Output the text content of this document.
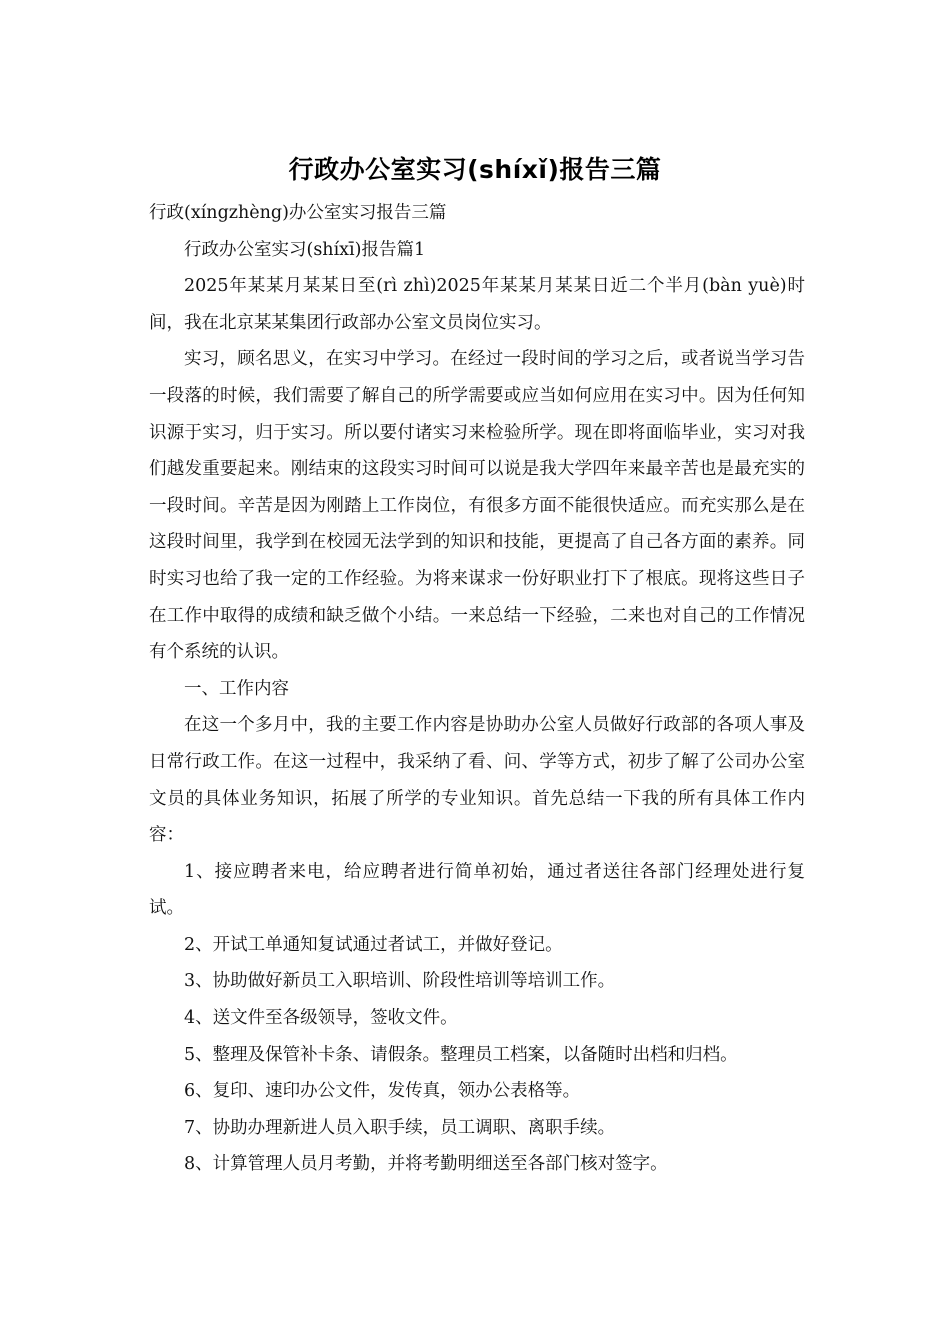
行政办公室实习(shíxǐ)报告三篇

行政(xíngzhèng)办公室实习报告三篇

行政办公室实习(shíxī)报告篇1

2025年某某月某某日至(rì zhì)2025年某某月某某日近二个半月(bàn yuè)时间，我在北京某某集团行政部办公室文员岗位实习。

实习，顾名思义，在实习中学习。在经过一段时间的学习之后，或者说当学习告一段落的时候，我们需要了解自己的所学需要或应当如何应用在实习中。因为任何知识源于实习，归于实习。所以要付诸实习来检验所学。现在即将面临毕业，实习对我们越发重要起来。刚结束的这段实习时间可以说是我大学四年来最辛苦也是最充实的一段时间。辛苦是因为刚踏上工作岗位，有很多方面不能很快适应。而充实那么是在这段时间里，我学到在校园无法学到的知识和技能，更提高了自己各方面的素养。同时实习也给了我一定的工作经验。为将来谋求一份好职业打下了根底。现将这些日子在工作中取得的成绩和缺乏做个小结。一来总结一下经验，二来也对自己的工作情况有个系统的认识。

一、工作内容

在这一个多月中，我的主要工作内容是协助办公室人员做好行政部的各项人事及日常行政工作。在这一过程中，我采纳了看、问、学等方式，初步了解了公司办公室文员的具体业务知识，拓展了所学的专业知识。首先总结一下我的所有具体工作内容：

1、接应聘者来电，给应聘者进行简单初始，通过者送往各部门经理处进行复试。

2、开试工单通知复试通过者试工，并做好登记。

3、协助做好新员工入职培训、阶段性培训等培训工作。

4、送文件至各级领导，签收文件。

5、整理及保管补卡条、请假条。整理员工档案，以备随时出档和归档。

6、复印、速印办公文件，发传真，领办公表格等。

7、协助办理新进人员入职手续，员工调职、离职手续。

8、计算管理人员月考勤，并将考勤明细送至各部门核对签字。
